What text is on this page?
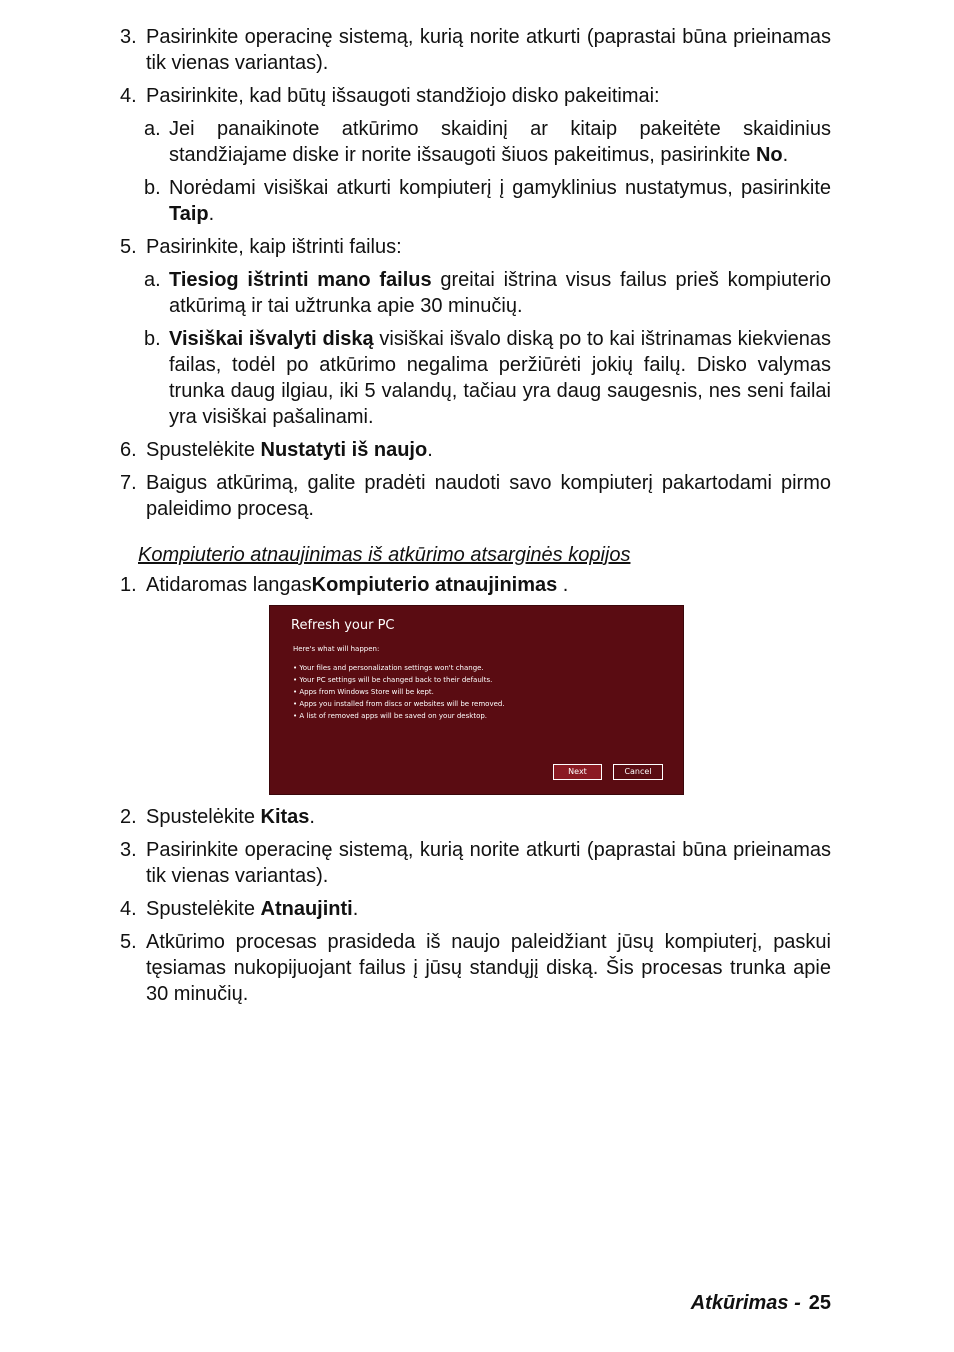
3. Pasirinkite operacinę sistemą, kurią norite atkurti (paprastai būna prieinamas tik vienas variantas).
4. Pasirinkite, kad būtų išsaugoti standžiojo disko pakeitimai:
a. Jei panaikinote atkūrimo skaidinį ar kitaip pakeitėte skaidinius standžiajame diske ir norite išsaugoti šiuos pakeitimus, pasirinkite No.
b. Norėdami visiškai atkurti kompiuterį į gamyklinius nustatymus, pasirinkite Taip.
5. Pasirinkite, kaip ištrinti failus:
a. Tiesiog ištrinti mano failus greitai ištrina visus failus prieš kompiuterio atkūrimą ir tai užtrunka apie 30 minučių.
b. Visiškai išvalyti diską visiškai išvalo diską po to kai ištrinamas kiekvienas failas, todėl po atkūrimo negalima peržiūrėti jokių failų. Disko valymas trunka daug ilgiau, iki 5 valandų, tačiau yra daug saugesnis, nes seni failai yra visiškai pašalinami.
6. Spustelėkite Nustatyti iš naujo.
7. Baigus atkūrimą, galite pradėti naudoti savo kompiuterį pakartodami pirmo paleidimo procesą.
Kompiuterio atnaujinimas iš atkūrimo atsarginės kopijos
1. Atidaromas langasKompiuterio atnaujinimas .
Refresh your PC
Here's what will happen:
• Your files and personalization settings won't change.
• Your PC settings will be changed back to their defaults.
• Apps from Windows Store will be kept.
• Apps you installed from discs or websites will be removed.
• A list of removed apps will be saved on your desktop.
Next	Cancel
2. Spustelėkite Kitas.
3. Pasirinkite operacinę sistemą, kurią norite atkurti (paprastai būna prieinamas tik vienas variantas).
4. Spustelėkite Atnaujinti.
5. Atkūrimo procesas prasideda iš naujo paleidžiant jūsų kompiuterį, paskui tęsiamas nukopijuojant failus į jūsų standųjį diską. Šis procesas trunka apie 30 minučių.
Atkūrimas - 25
